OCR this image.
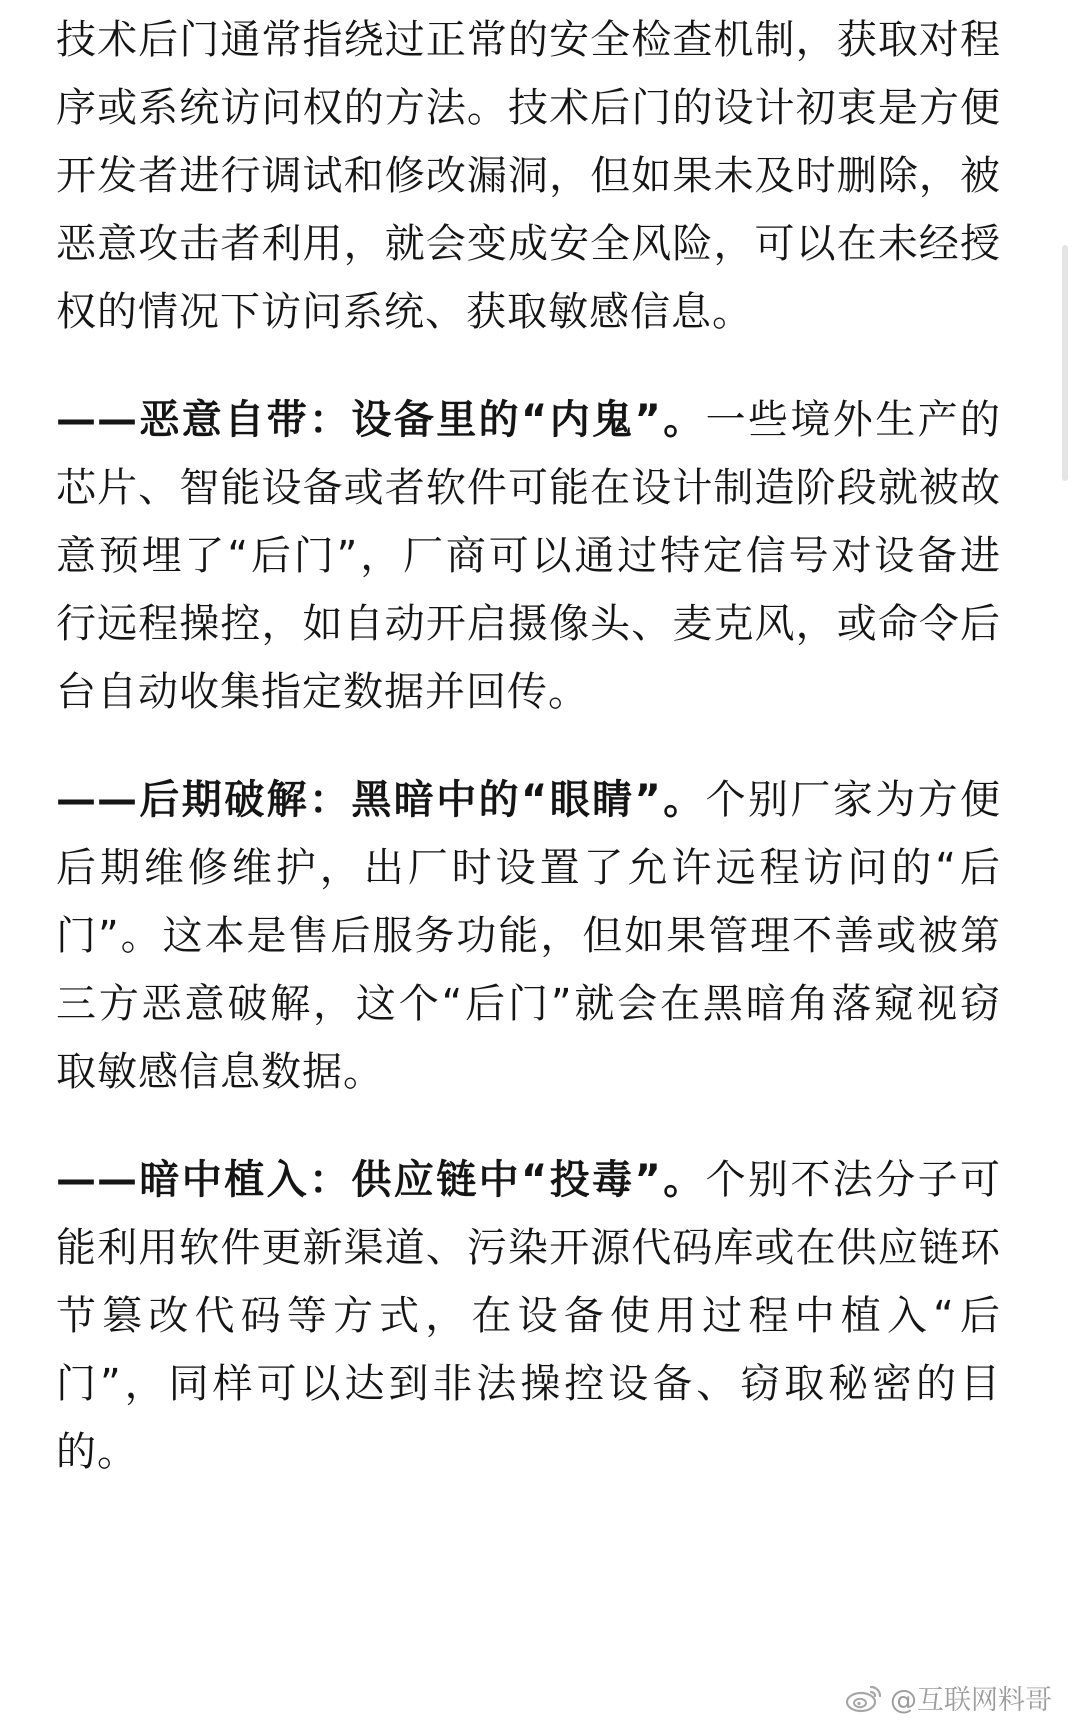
技术后门通常指绕过正常的安全检查机制，获取对程序或系统访问权的方法。技术后门的设计初衷是方便开发者进行调试和修改漏洞，但如果未及时删除，被恶意攻击者利用，就会变成安全风险，可以在未经授权的情况下访问系统、获取敏感信息。

——恶意自带：设备里的“内鬼”。一些境外生产的芯片、智能设备或者软件可能在设计制造阶段就被故意预埋了“后门”，厂商可以通过特定信号对设备进行远程操控，如自动开启摄像头、麦克风，或命令后台自动收集指定数据并回传。

——后期破解：黑暗中的“眼睛”。个别厂家为方便后期维修维护，出厂时设置了允许远程访问的“后门”。这本是售后服务功能，但如果管理不善或被第三方恶意破解，这个“后门”就会在黑暗角落窥视窃取敏感信息数据。

——暗中植入：供应链中“投毒”。个别不法分子可能利用软件更新渠道、污染开源代码库或在供应链环节篡改代码等方式，在设备使用过程中植入“后门”，同样可以达到非法操控设备、窃取秘密的目的。

@互联网料哥
